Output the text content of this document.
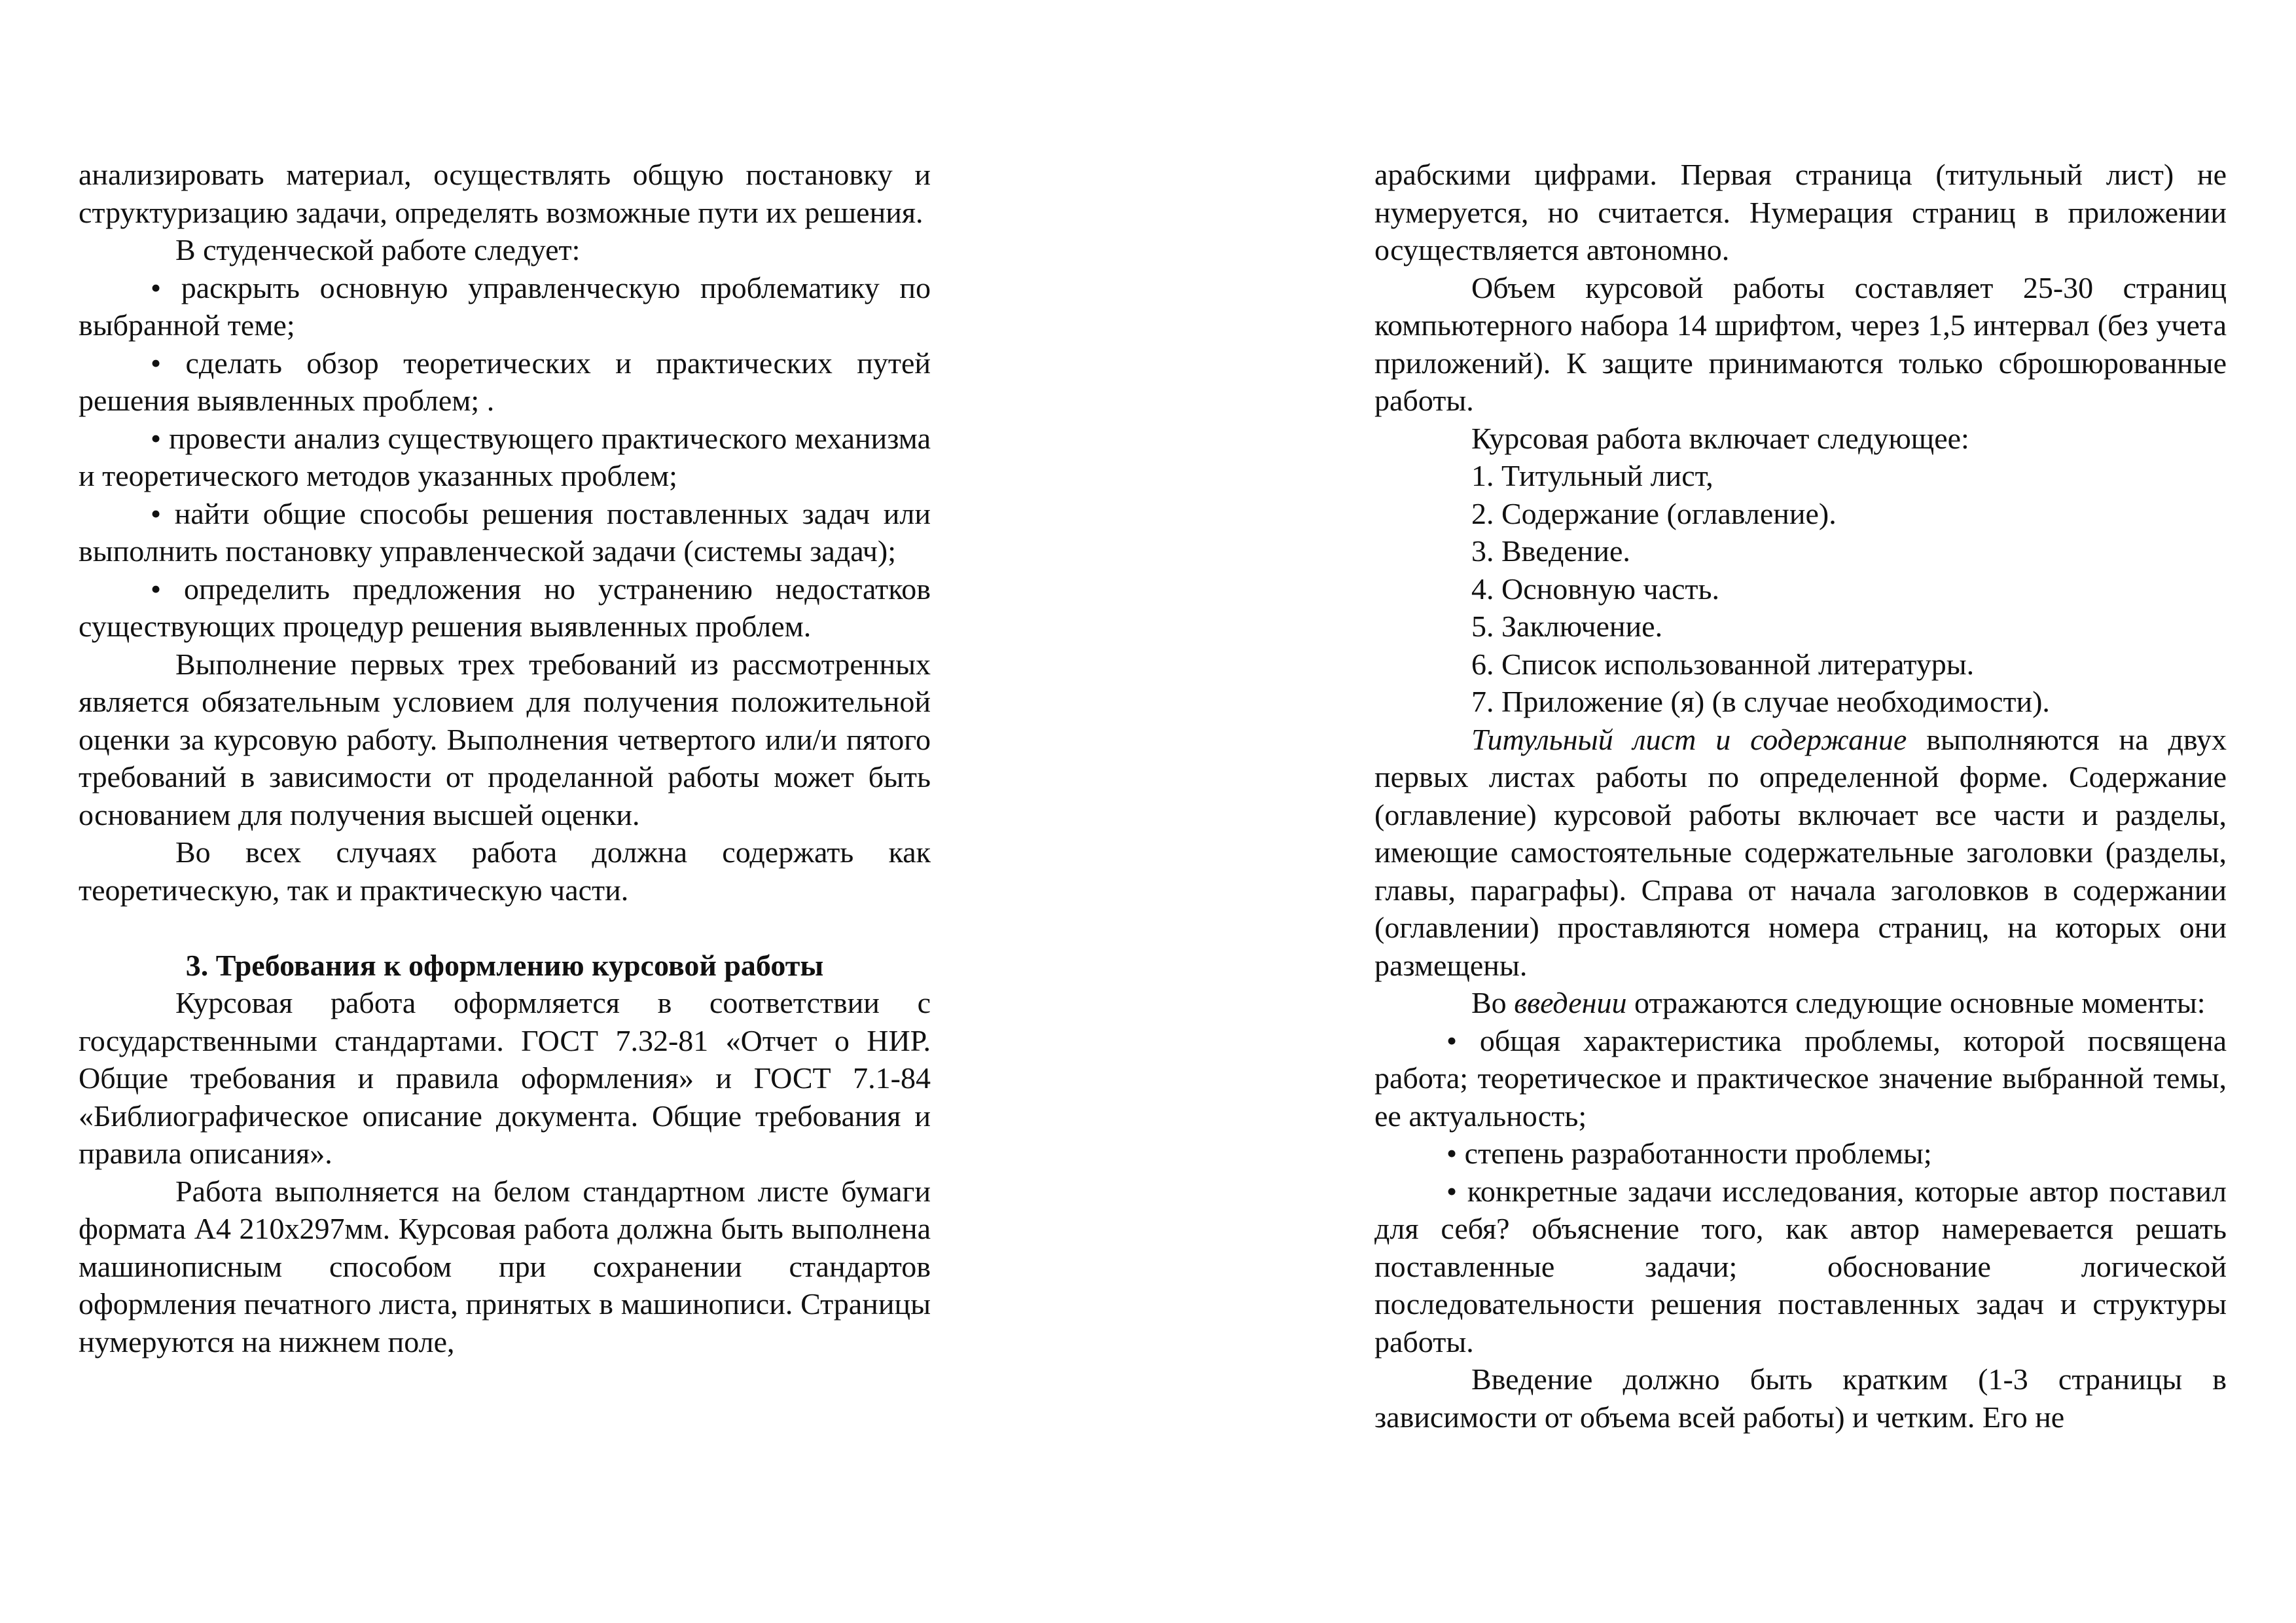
анализировать материал, осуществлять общую постановку и структуризацию задачи, определять возможные пути их решения.

В студенческой работе следует:

• раскрыть основную управленческую проблематику по выбранной теме;

• сделать обзор теоретических и практических путей решения выявленных проблем; .

• провести анализ существующего практического механизма и теоретического методов указанных проблем;

• найти общие способы решения поставленных задач или выполнить постановку управленческой задачи (системы задач);

• определить предложения но устранению недостатков существующих процедур решения выявленных проблем.

Выполнение первых трех требований из рассмотренных является обязательным условием для получения положительной оценки за курсовую работу. Выполнения четвертого или/и пятого требований в зависимости от проделанной работы может быть основанием для получения высшей оценки.

Во всех случаях работа должна содержать как теоретическую, так и практическую части.

3. Требования к оформлению курсовой работы

Курсовая работа оформляется в соответствии с государственными стандартами. ГОСТ 7.32-81 «Отчет о НИР. Общие требования и правила оформления» и ГОСТ 7.1-84 «Библиографическое описание документа. Общие требования и правила описания».

Работа выполняется на белом стандартном листе бумаги формата А4 210х297мм. Курсовая работа должна быть выполнена машинописным способом при сохранении стандартов оформления печатного листа, принятых в машинописи. Страницы нумеруются на нижнем поле,

арабскими цифрами. Первая страница (титульный лист) не нумеруется, но считается. Нумерация страниц в приложении осуществляется автономно.

Объем курсовой работы составляет 25-30 страниц компьютерного набора 14 шрифтом, через 1,5 интервал (без учета приложений). К защите принимаются только сброшюрованные работы.

Курсовая работа включает следующее:

1. Титульный лист,

2. Содержание (оглавление).

3. Введение.

4. Основную часть.

5. Заключение.

6. Список использованной литературы.

7. Приложение (я) (в случае необходимости).

Титульный лист и содержание выполняются на двух первых листах работы по определенной форме. Содержание (оглавление) курсовой работы включает все части и разделы, имеющие самостоятельные содержательные заголовки (разделы, главы, параграфы). Справа от начала заголовков в содержании (оглавлении) проставляются номера страниц, на которых они размещены.

Во введении отражаются следующие основные моменты:

• общая характеристика проблемы, которой посвящена работа; теоретическое и практическое значение выбранной темы, ее актуальность;

• степень разработанности проблемы;

• конкретные задачи исследования, которые автор поставил для себя? объяснение того, как автор намеревается решать поставленные задачи; обоснование логической последовательности решения поставленных задач и структуры работы.

Введение должно быть кратким (1-3 страницы в зависимости от объема всей работы) и четким. Его не
